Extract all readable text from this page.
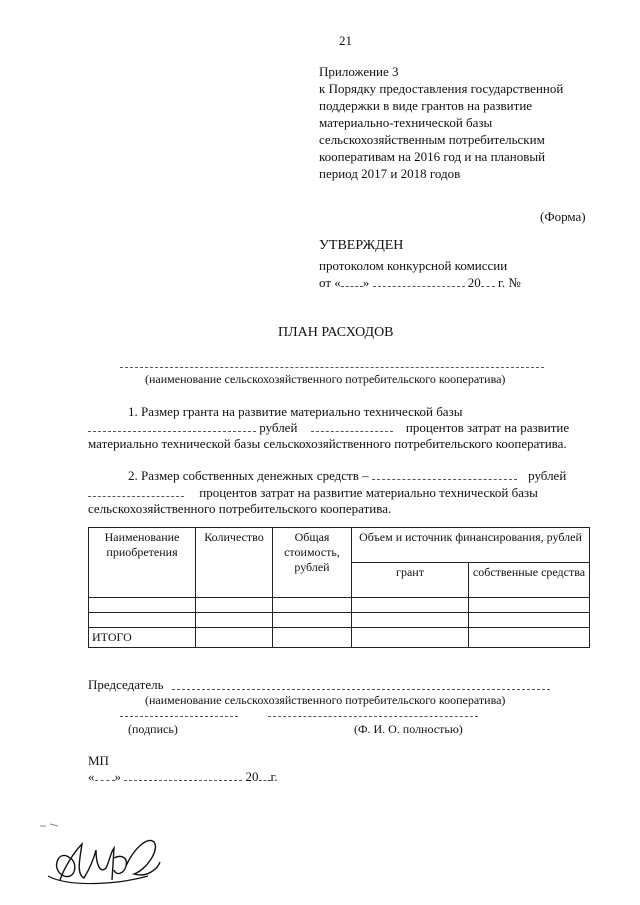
21
Приложение 3
к Порядку предоставления государственной
поддержки в виде грантов на развитие
материально-технической базы
сельскохозяйственным потребительским
кооперативам на 2016 год и на плановый
период 2017 и 2018 годов
(Форма)
УТВЕРЖДЕН
протоколом конкурсной комиссии
от « »	20 г. №
ПЛАН РАСХОДОВ
(наименование сельскохозяйственного потребительского кооператива)
1. Размер гранта на развитие материально технической базы
рублей	процентов затрат на развитие
материально технической базы сельскохозяйственного потребительского кооператива.
2. Размер собственных денежных средств –	рублей
процентов затрат на развитие материально технической базы
сельскохозяйственного потребительского кооператива.
Наименование приобретения	Количество	Общая стоимость, рублей	Объем и источник финансирования, рублей	
			грант	собственные средства

ИТОГО				
Председатель
(наименование сельскохозяйственного потребительского кооператива)
(подпись)	(Ф. И. О. полностью)
МП
« »	20 г.
